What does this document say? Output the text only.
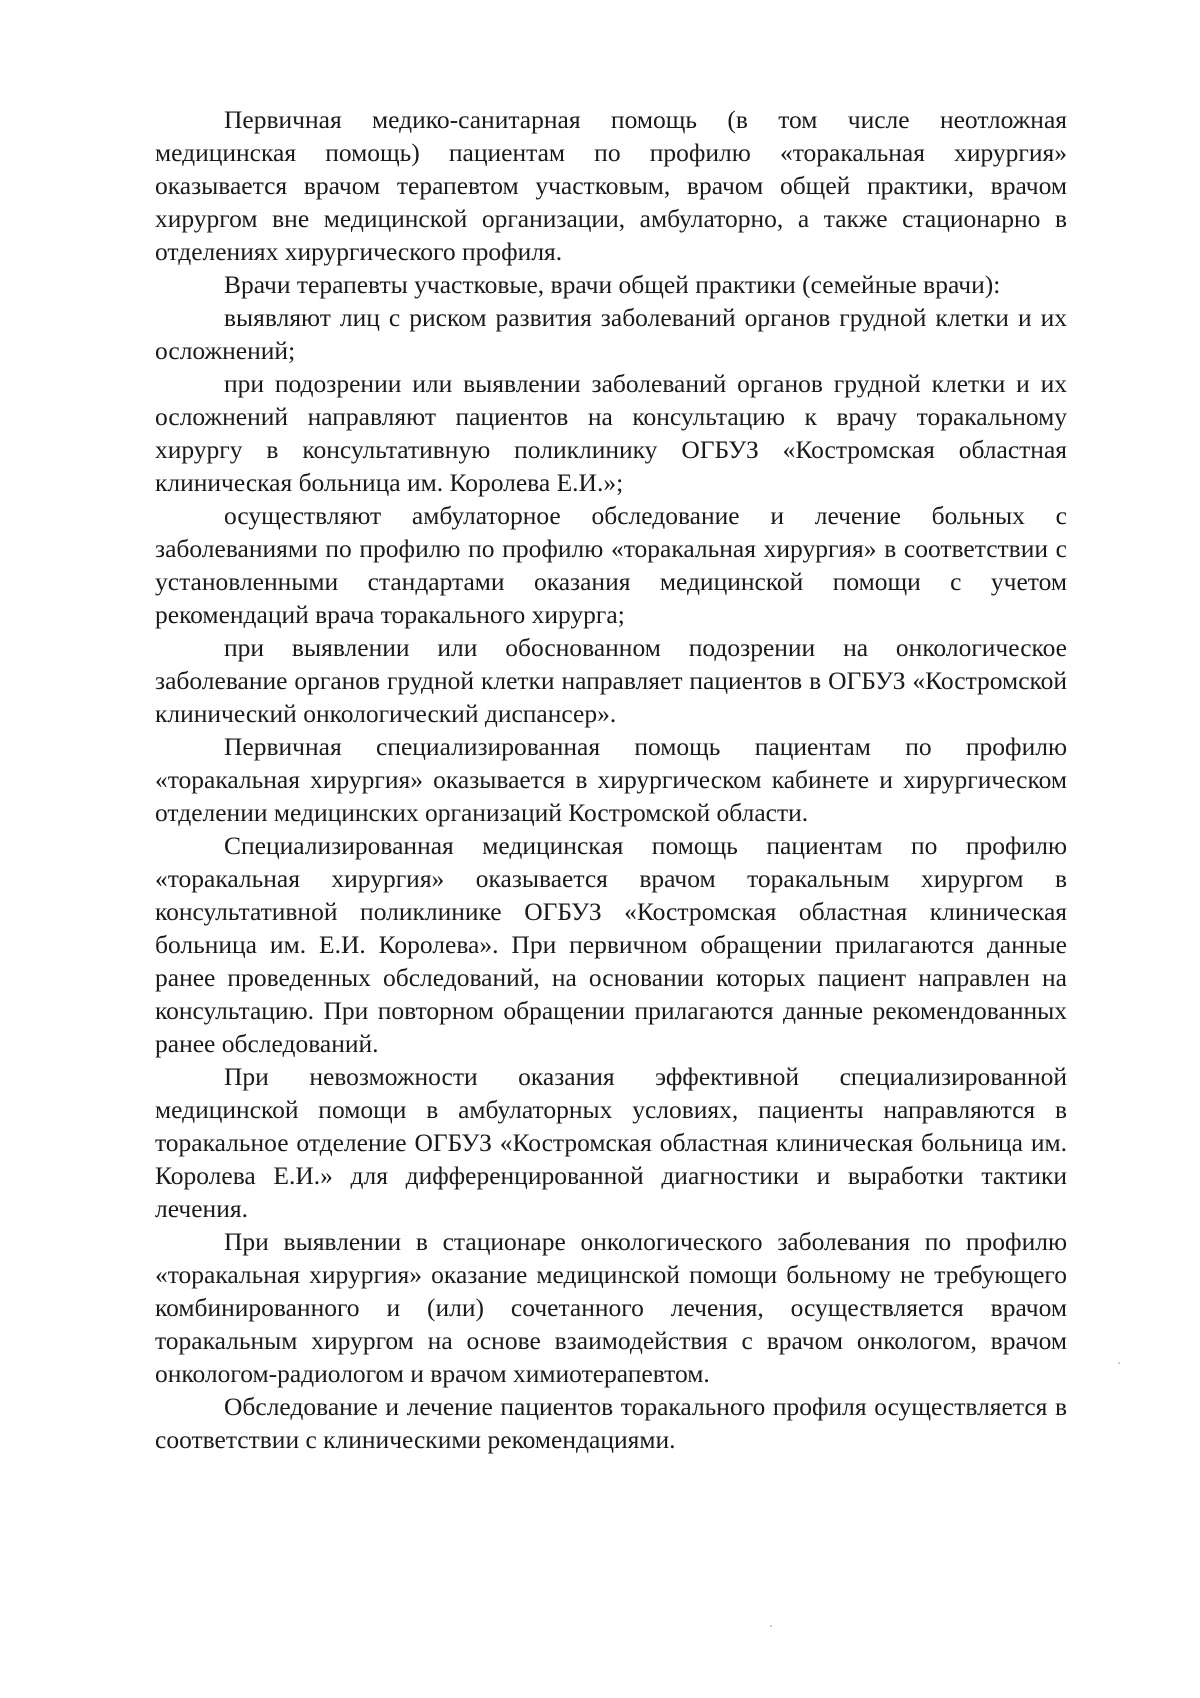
Первичная медико-санитарная помощь (в том числе неотложная медицинская помощь) пациентам по профилю «торакальная хирургия» оказывается врачом терапевтом участковым, врачом общей практики, врачом хирургом вне медицинской организации, амбулаторно, а также стационарно в отделениях хирургического профиля.

Врачи терапевты участковые, врачи общей практики (семейные врачи):

выявляют лиц с риском развития заболеваний органов грудной клетки и их осложнений;

при подозрении или выявлении заболеваний органов грудной клетки и их осложнений направляют пациентов на консультацию к врачу торакальному хирургу в консультативную поликлинику ОГБУЗ «Костромская областная клиническая больница им. Королева Е.И.»;

осуществляют амбулаторное обследование и лечение больных с заболеваниями по профилю по профилю «торакальная хирургия» в соответствии с установленными стандартами оказания медицинской помощи с учетом рекомендаций врача торакального хирурга;

при выявлении или обоснованном подозрении на онкологическое заболевание органов грудной клетки направляет пациентов в ОГБУЗ «Костромской клинический онкологический диспансер».

Первичная специализированная помощь пациентам по профилю «торакальная хирургия» оказывается в хирургическом кабинете и хирургическом отделении медицинских организаций Костромской области.

Специализированная медицинская помощь пациентам по профилю «торакальная хирургия» оказывается врачом торакальным хирургом в консультативной поликлинике ОГБУЗ «Костромская областная клиническая больница им. Е.И. Королева». При первичном обращении прилагаются данные ранее проведенных обследований, на основании которых пациент направлен на консультацию. При повторном обращении прилагаются данные рекомендованных ранее обследований.

При невозможности оказания эффективной специализированной медицинской помощи в амбулаторных условиях, пациенты направляются в торакальное отделение ОГБУЗ «Костромская областная клиническая больница им. Королева Е.И.» для дифференцированной диагностики и выработки тактики лечения.

При выявлении в стационаре онкологического заболевания по профилю «торакальная хирургия» оказание медицинской помощи больному не требующего комбинированного и (или) сочетанного лечения, осуществляется врачом торакальным хирургом на основе взаимодействия с врачом онкологом, врачом онкологом-радиологом и врачом химиотерапевтом.

Обследование и лечение пациентов торакального профиля осуществляется в соответствии с клиническими рекомендациями.
